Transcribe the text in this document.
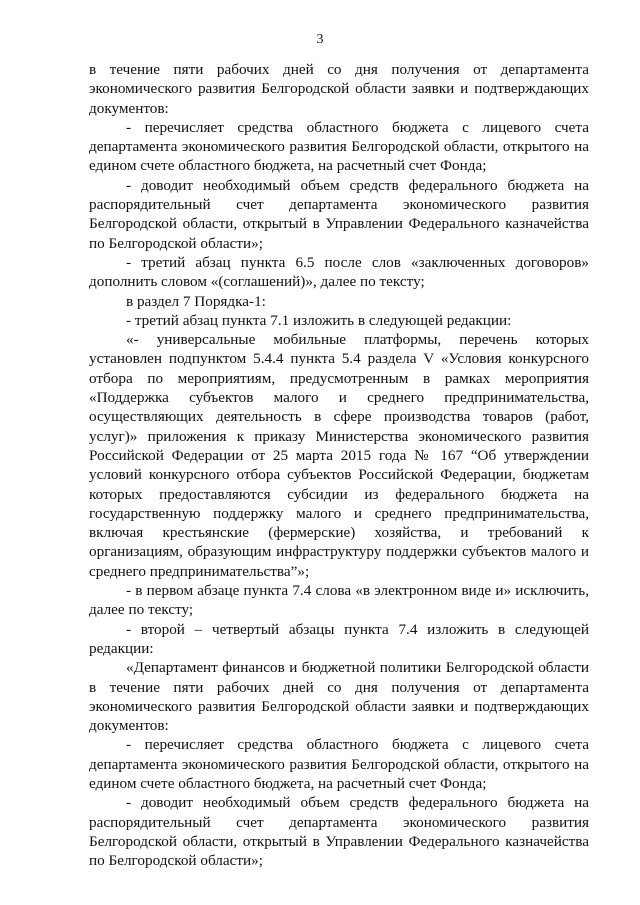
3

в течение пяти рабочих дней со дня получения от департамента экономического развития Белгородской области заявки и подтверждающих документов:

- перечисляет средства областного бюджета с лицевого счета департамента экономического развития Белгородской области, открытого на едином счете областного бюджета, на расчетный счет Фонда;

- доводит необходимый объем средств федерального бюджета на распорядительный счет департамента экономического развития Белгородской области, открытый в Управлении Федерального казначейства по Белгородской области»;

- третий абзац пункта 6.5 после слов «заключенных договоров» дополнить словом «(соглашений)», далее по тексту;

в раздел 7 Порядка-1:

- третий абзац пункта 7.1 изложить в следующей редакции:

«- универсальные мобильные платформы, перечень которых установлен подпунктом 5.4.4 пункта 5.4 раздела V «Условия конкурсного отбора по мероприятиям, предусмотренным в рамках мероприятия «Поддержка субъектов малого и среднего предпринимательства, осуществляющих деятельность в сфере производства товаров (работ, услуг)» приложения к приказу Министерства экономического развития Российской Федерации от 25 марта 2015 года № 167 “Об утверждении условий конкурсного отбора субъектов Российской Федерации, бюджетам которых предоставляются субсидии из федерального бюджета на государственную поддержку малого и среднего предпринимательства, включая крестьянские (фермерские) хозяйства, и требований к организациям, образующим инфраструктуру поддержки субъектов малого и среднего предпринимательства”»;

- в первом абзаце пункта 7.4 слова «в электронном виде и» исключить, далее по тексту;

- второй – четвертый абзацы пункта 7.4 изложить в следующей редакции:

«Департамент финансов и бюджетной политики Белгородской области в течение пяти рабочих дней со дня получения от департамента экономического развития Белгородской области заявки и подтверждающих документов:

- перечисляет средства областного бюджета с лицевого счета департамента экономического развития Белгородской области, открытого на едином счете областного бюджета, на расчетный счет Фонда;

- доводит необходимый объем средств федерального бюджета на распорядительный счет департамента экономического развития Белгородской области, открытый в Управлении Федерального казначейства по Белгородской области»;
